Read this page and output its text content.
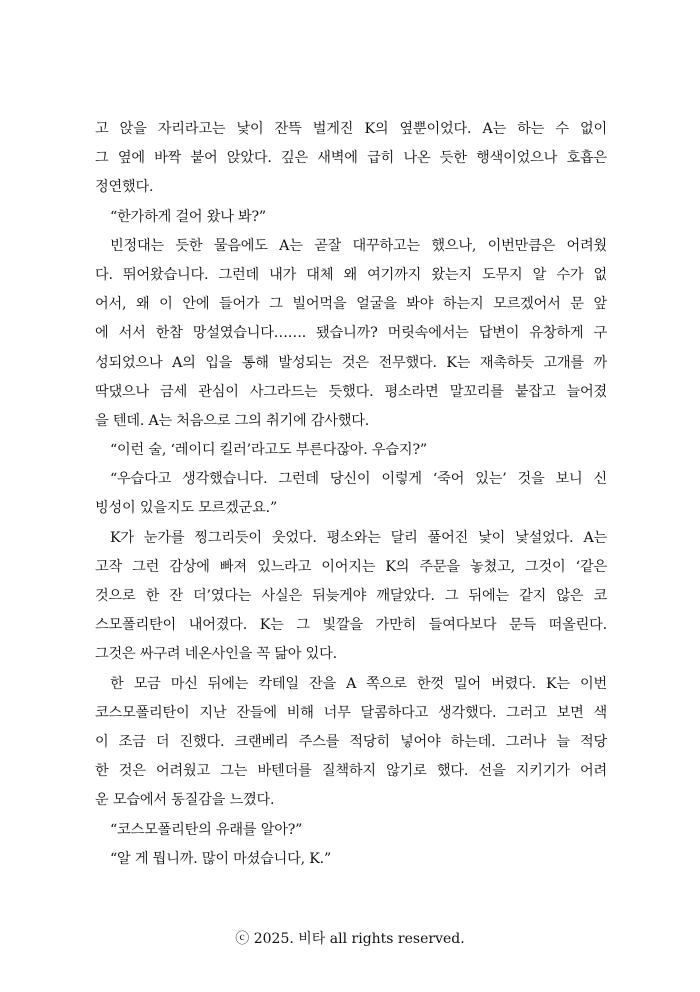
고 앉을 자리라고는 낯이 잔뜩 벌게진 K의 옆뿐이었다. A는 하는 수 없이
그 옆에 바짝 붙어 앉았다. 깊은 새벽에 급히 나온 듯한 행색이었으나 호흡은
정연했다.
“한가하게 걸어 왔나 봐?”
빈정대는 듯한 물음에도 A는 곧잘 대꾸하고는 했으나, 이번만큼은 어려웠
다. 뛰어왔습니다. 그런데 내가 대체 왜 여기까지 왔는지 도무지 알 수가 없
어서, 왜 이 안에 들어가 그 빌어먹을 얼굴을 봐야 하는지 모르겠어서 문 앞
에 서서 한참 망설였습니다……. 됐습니까? 머릿속에서는 답변이 유창하게 구
성되었으나 A의 입을 통해 발성되는 것은 전무했다. K는 재촉하듯 고개를 까
딱댔으나 금세 관심이 사그라드는 듯했다. 평소라면 말꼬리를 붙잡고 늘어졌
을 텐데. A는 처음으로 그의 취기에 감사했다.
“이런 술, ‘레이디 킬러’라고도 부른다잖아. 우습지?”
“우습다고 생각했습니다. 그런데 당신이 이렇게 ‘죽어 있는’ 것을 보니 신
빙성이 있을지도 모르겠군요.”
K가 눈가를 찡그리듯이 웃었다. 평소와는 달리 풀어진 낯이 낯설었다. A는
고작 그런 감상에 빠져 있느라고 이어지는 K의 주문을 놓쳤고, 그것이 ‘같은
것으로 한 잔 더’였다는 사실은 뒤늦게야 깨달았다. 그 뒤에는 같지 않은 코
스모폴리탄이 내어졌다. K는 그 빛깔을 가만히 들여다보다 문득 떠올린다.
그것은 싸구려 네온사인을 꼭 닮아 있다.
한 모금 마신 뒤에는 칵테일 잔을 A 쪽으로 한껏 밀어 버렸다. K는 이번
코스모폴리탄이 지난 잔들에 비해 너무 달콤하다고 생각했다. 그러고 보면 색
이 조금 더 진했다. 크랜베리 주스를 적당히 넣어야 하는데. 그러나 늘 적당
한 것은 어려웠고 그는 바텐더를 질책하지 않기로 했다. 선을 지키기가 어려
운 모습에서 동질감을 느꼈다.
“코스모폴리탄의 유래를 알아?”
“알 게 뭡니까. 많이 마셨습니다, K.”
ⓒ 2025. 비타 all rights reserved.
